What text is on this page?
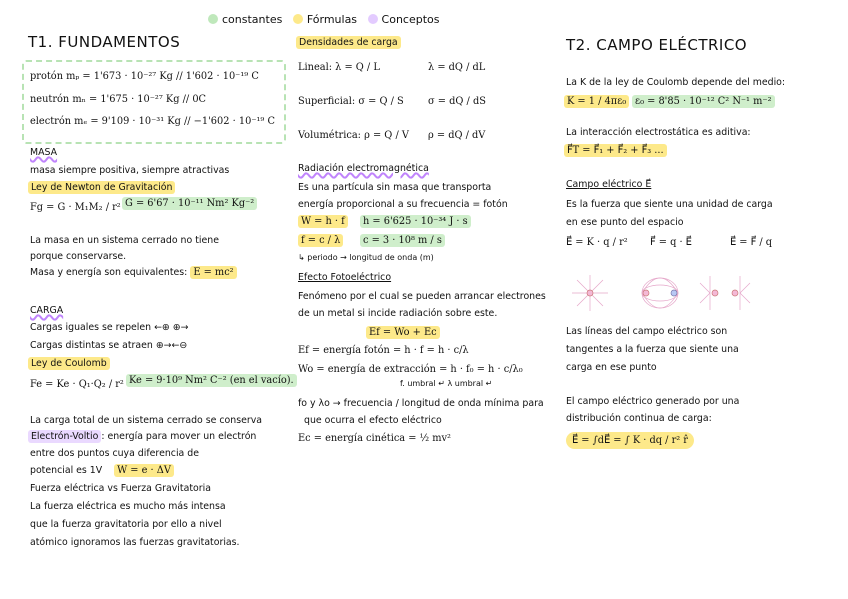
constantes Fórmulas Conceptos
T1. FUNDAMENTOS
protón mₚ = 1'673 · 10⁻²⁷ Kg // 1'602 · 10⁻¹⁹ C
neutrón mₙ = 1'675 · 10⁻²⁷ Kg // 0C
electrón mₑ = 9'109 · 10⁻³¹ Kg // −1'602 · 10⁻¹⁹ C
MASA
masa siempre positiva, siempre atractivas
Ley de Newton de Gravitación
Fg = G · M₁M₂ / r² G = 6'67 · 10⁻¹¹ Nm² Kg⁻²
La masa en un sistema cerrado no tiene
porque conservarse.
Masa y energía son equivalentes: E = mc²
CARGA
Cargas iguales se repelen ←⊕ ⊕→
Cargas distintas se atraen ⊕→←⊖
Ley de Coulomb
Fe = Ke · Q₁·Q₂ / r² Ke = 9·10⁹ Nm² C⁻² (en el vacío).
La carga total de un sistema cerrado se conserva
Electrón-Voltio : energía para mover un electrón
entre dos puntos cuya diferencia de
potencial es 1V W = e · ΔV
Fuerza eléctrica vs Fuerza Gravitatoria
La fuerza eléctrica es mucho más intensa
que la fuerza gravitatoria por ello a nivel
atómico ignoramos las fuerzas gravitatorias.
Densidades de carga
Lineal: λ = Q / L	λ = dQ / dL
Superficial: σ = Q / S σ = dQ / dS
Volumétrica: ρ = Q / V ρ = dQ / dV
Radiación electromagnética
Es una partícula sin masa que transporta
energía proporcional a su frecuencia = fotón
W = h · f	h = 6'625 · 10⁻³⁴ J · s
f = c / λ	c = 3 · 10⁸ m / s
↳ periodo → longitud de onda (m)
Efecto Fotoeléctrico
Fenómeno por el cual se pueden arrancar electrones
de un metal si incide radiación sobre este.
Ef = Wo + Ec
Ef = energía fotón = h · f = h · c/λ
Wo = energía de extracción = h · f₀ = h · c/λ₀
f. umbral ↵ λ umbral ↵
fo y λo → frecuencia / longitud de onda mínima para
que ocurra el efecto eléctrico
Ec = energía cinética = ½ mv²
T2. CAMPO ELÉCTRICO
La K de la ley de Coulomb depende del medio:
K = 1 / 4πε₀ ε₀ = 8'85 · 10⁻¹² C² N⁻¹ m⁻²
La interacción electrostática es aditiva:
F⃗T = F⃗₁ + F⃗₂ + F⃗₃ ...
Campo eléctrico E⃗
Es la fuerza que siente una unidad de carga
en ese punto del espacio
E⃗ = K · q / r² F⃗ = q · E⃗	E⃗ = F⃗ / q
Las líneas del campo eléctrico son
tangentes a la fuerza que siente una
carga en ese punto
El campo eléctrico generado por una
distribución continua de carga:
E⃗ = ∫dE⃗ = ∫ K · dq / r² r̂
